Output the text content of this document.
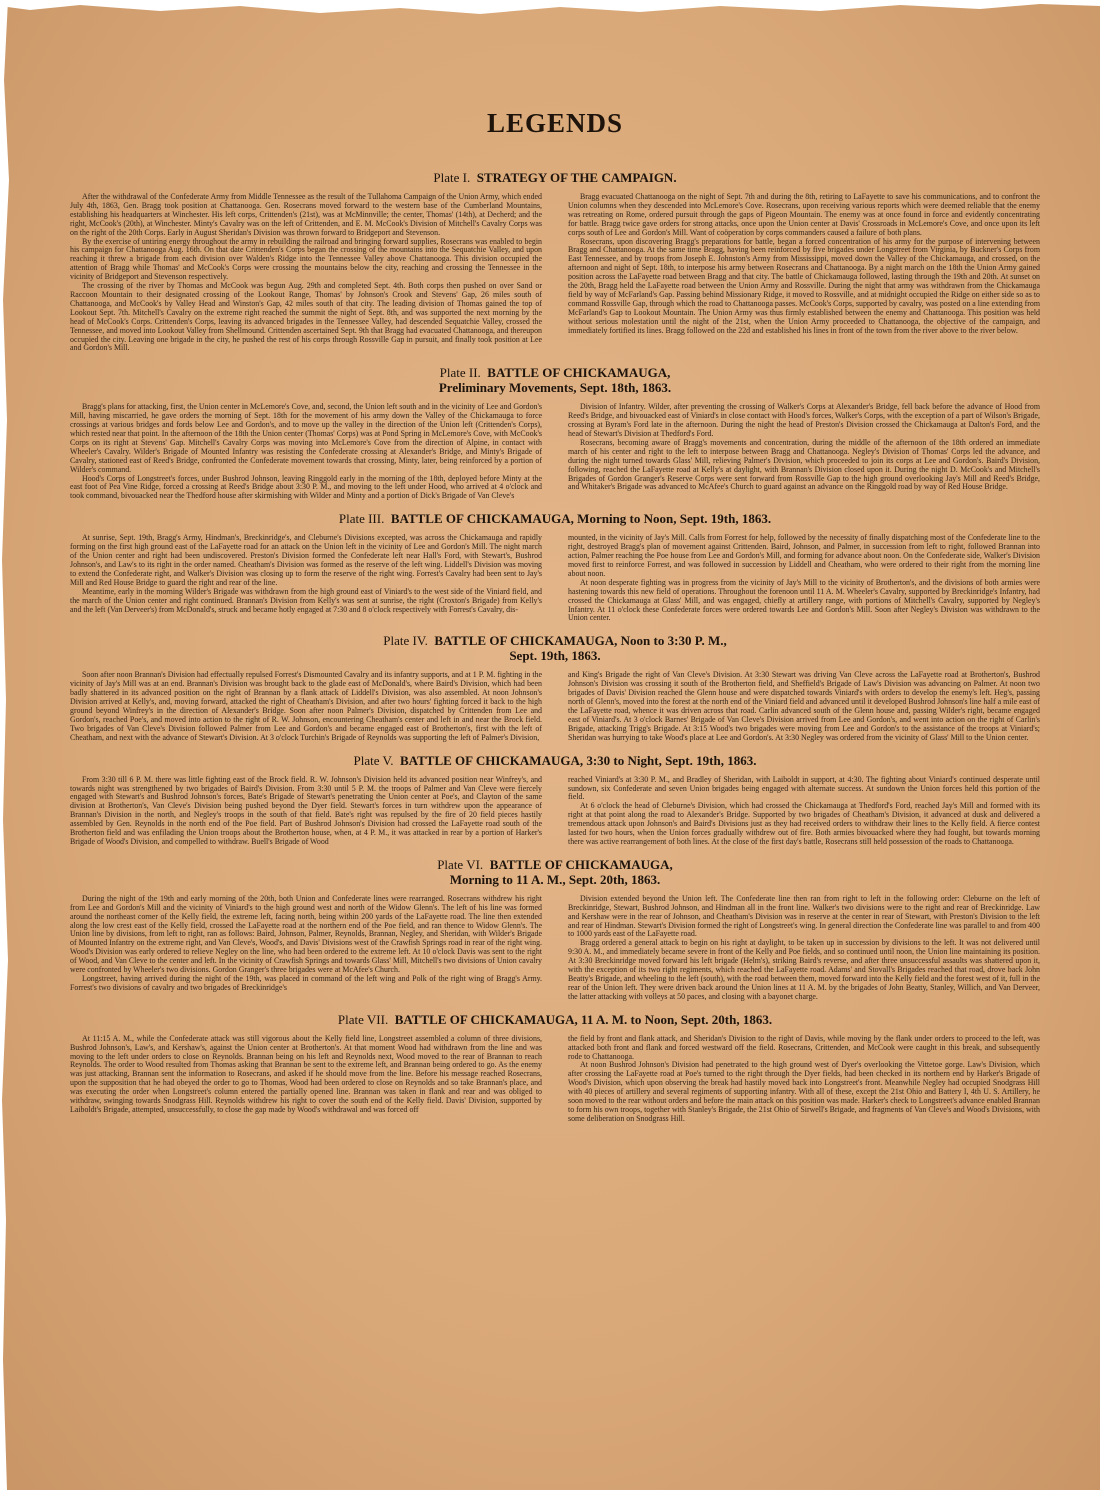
LEGENDS
Plate I.  STRATEGY OF THE CAMPAIGN.

After the withdrawal of the Confederate Army from Middle Tennessee as the result of the Tullahoma Campaign of the Union Army, which ended July 4th, 1863, Gen. Bragg took position at Chattanooga. Gen. Rosecrans moved forward to the western base of the Cumberland Mountains, establishing his headquarters at Winchester. His left corps, Crittenden's (21st), was at McMinnville; the center, Thomas' (14th), at Decherd; and the right, McCook's (20th), at Winchester. Minty's Cavalry was on the left of Crittenden, and E. M. McCook's Division of Mitchell's Cavalry Corps was on the right of the 20th Corps. Early in August Sheridan's Division was thrown forward to Bridgeport and Stevenson.

By the exercise of untiring energy throughout the army in rebuilding the railroad and bringing forward supplies, Rosecrans was enabled to begin his campaign for Chattanooga Aug. 16th. On that date Crittenden's Corps began the crossing of the mountains into the Sequatchie Valley, and upon reaching it threw a brigade from each division over Walden's Ridge into the Tennessee Valley above Chattanooga. This division occupied the attention of Bragg while Thomas' and McCook's Corps were crossing the mountains below the city, reaching and crossing the Tennessee in the vicinity of Bridgeport and Stevenson respectively.

The crossing of the river by Thomas and McCook was begun Aug. 29th and completed Sept. 4th. Both corps then pushed on over Sand or Raccoon Mountain to their designated crossing of the Lookout Range, Thomas' by Johnson's Crook and Stevens' Gap, 26 miles south of Chattanooga, and McCook's by Valley Head and Winston's Gap, 42 miles south of that city. The leading division of Thomas gained the top of Lookout Sept. 7th. Mitchell's Cavalry on the extreme right reached the summit the night of Sept. 8th, and was supported the next morning by the head of McCook's Corps. Crittenden's Corps, leaving its advanced brigades in the Tennessee Valley, had descended Sequatchie Valley, crossed the Tennessee, and moved into Lookout Valley from Shellmound. Crittenden ascertained Sept. 9th that Bragg had evacuated Chattanooga, and thereupon occupied the city. Leaving one brigade in the city, he pushed the rest of his corps through Rossville Gap in pursuit, and finally took position at Lee and Gordon's Mill.

Bragg evacuated Chattanooga on the night of Sept. 7th and during the 8th, retiring to LaFayette to save his communications, and to confront the Union columns when they descended into McLemore's Cove. Rosecrans, upon receiving various reports which were deemed reliable that the enemy was retreating on Rome, ordered pursuit through the gaps of Pigeon Mountain. The enemy was at once found in force and evidently concentrating for battle. Bragg twice gave orders for strong attacks, once upon the Union center at Davis' Crossroads in McLemore's Cove, and once upon its left corps south of Lee and Gordon's Mill. Want of coöperation by corps commanders caused a failure of both plans.

Rosecrans, upon discovering Bragg's preparations for battle, began a forced concentration of his army for the purpose of intervening between Bragg and Chattanooga. At the same time Bragg, having been reinforced by five brigades under Longstreet from Virginia, by Buckner's Corps from East Tennessee, and by troops from Joseph E. Johnston's Army from Mississippi, moved down the Valley of the Chickamauga, and crossed, on the afternoon and night of Sept. 18th, to interpose his army between Rosecrans and Chattanooga. By a night march on the 18th the Union Army gained position across the LaFayette road between Bragg and that city. The battle of Chickamauga followed, lasting through the 19th and 20th. At sunset on the 20th, Bragg held the LaFayette road between the Union Army and Rossville. During the night that army was withdrawn from the Chickamauga field by way of McFarland's Gap. Passing behind Missionary Ridge, it moved to Rossville, and at midnight occupied the Ridge on either side so as to command Rossville Gap, through which the road to Chattanooga passes. McCook's Corps, supported by cavalry, was posted on a line extending from McFarland's Gap to Lookout Mountain. The Union Army was thus firmly established between the enemy and Chattanooga. This position was held without serious molestation until the night of the 21st, when the Union Army proceeded to Chattanooga, the objective of the campaign, and immediately fortified its lines. Bragg followed on the 22d and established his lines in front of the town from the river above to the river below.

Plate II.  BATTLE OF CHICKAMAUGA,
Preliminary Movements, Sept. 18th, 1863.

Bragg's plans for attacking, first, the Union center in McLemore's Cove, and, second, the Union left south and in the vicinity of Lee and Gordon's Mill, having miscarried, he gave orders the morning of Sept. 18th for the movement of his army down the Valley of the Chickamauga to force crossings at various bridges and fords below Lee and Gordon's, and to move up the valley in the direction of the Union left (Crittenden's Corps), which rested near that point. In the afternoon of the 18th the Union center (Thomas' Corps) was at Pond Spring in McLemore's Cove, with McCook's Corps on its right at Stevens' Gap. Mitchell's Cavalry Corps was moving into McLemore's Cove from the direction of Alpine, in contact with Wheeler's Cavalry. Wilder's Brigade of Mounted Infantry was resisting the Confederate crossing at Alexander's Bridge, and Minty's Brigade of Cavalry, stationed east of Reed's Bridge, confronted the Confederate movement towards that crossing, Minty, later, being reinforced by a portion of Wilder's command.

Hood's Corps of Longstreet's forces, under Bushrod Johnson, leaving Ringgold early in the morning of the 18th, deployed before Minty at the east foot of Pea Vine Ridge, forced a crossing at Reed's Bridge about 3:30 P. M., and moving to the left under Hood, who arrived at 4 o'clock and took command, bivouacked near the Thedford house after skirmishing with Wilder and Minty and a portion of Dick's Brigade of Van Cleve's

Division of Infantry. Wilder, after preventing the crossing of Walker's Corps at Alexander's Bridge, fell back before the advance of Hood from Reed's Bridge, and bivouacked east of Viniard's in close contact with Hood's forces, Walker's Corps, with the exception of a part of Wilson's Brigade, crossing at Byram's Ford late in the afternoon. During the night the head of Preston's Division crossed the Chickamauga at Dalton's Ford, and the head of Stewart's Division at Thedford's Ford.

Rosecrans, becoming aware of Bragg's movements and concentration, during the middle of the afternoon of the 18th ordered an immediate march of his center and right to the left to interpose between Bragg and Chattanooga. Negley's Division of Thomas' Corps led the advance, and during the night turned towards Glass' Mill, relieving Palmer's Division, which proceeded to join its corps at Lee and Gordon's. Baird's Division, following, reached the LaFayette road at Kelly's at daylight, with Brannan's Division closed upon it. During the night D. McCook's and Mitchell's Brigades of Gordon Granger's Reserve Corps were sent forward from Rossville Gap to the high ground overlooking Jay's Mill and Reed's Bridge, and Whitaker's Brigade was advanced to McAfee's Church to guard against an advance on the Ringgold road by way of Red House Bridge.

Plate III.  BATTLE OF CHICKAMAUGA, Morning to Noon, Sept. 19th, 1863.

At sunrise, Sept. 19th, Bragg's Army, Hindman's, Breckinridge's, and Cleburne's Divisions excepted, was across the Chickamauga and rapidly forming on the first high ground east of the LaFayette road for an attack on the Union left in the vicinity of Lee and Gordon's Mill. The night march of the Union center and right had been undiscovered. Preston's Division formed the Confederate left near Hall's Ford, with Stewart's, Bushrod Johnson's, and Law's to its right in the order named. Cheatham's Division was formed as the reserve of the left wing. Liddell's Division was moving to extend the Confederate right, and Walker's Division was closing up to form the reserve of the right wing. Forrest's Cavalry had been sent to Jay's Mill and Red House Bridge to guard the right and rear of the line.

Meantime, early in the morning Wilder's Brigade was withdrawn from the high ground east of Viniard's to the west side of the Viniard field, and the march of the Union center and right continued. Brannan's Division from Kelly's was sent at sunrise, the right (Croxton's Brigade) from Kelly's and the left (Van Derveer's) from McDonald's, struck and became hotly engaged at 7:30 and 8 o'clock respectively with Forrest's Cavalry, dis-

mounted, in the vicinity of Jay's Mill. Calls from Forrest for help, followed by the necessity of finally dispatching most of the Confederate line to the right, destroyed Bragg's plan of movement against Crittenden. Baird, Johnson, and Palmer, in succession from left to right, followed Brannan into action, Palmer reaching the Poe house from Lee and Gordon's Mill, and forming for advance about noon. On the Confederate side, Walker's Division moved first to reinforce Forrest, and was followed in succession by Liddell and Cheatham, who were ordered to their right from the morning line about noon.

At noon desperate fighting was in progress from the vicinity of Jay's Mill to the vicinity of Brotherton's, and the divisions of both armies were hastening towards this new field of operations. Throughout the forenoon until 11 A. M. Wheeler's Cavalry, supported by Breckinridge's Infantry, had crossed the Chickamauga at Glass' Mill, and was engaged, chiefly at artillery range, with portions of Mitchell's Cavalry, supported by Negley's Infantry. At 11 o'clock these Confederate forces were ordered towards Lee and Gordon's Mill. Soon after Negley's Division was withdrawn to the Union center.

Plate IV.  BATTLE OF CHICKAMAUGA, Noon to 3:30 P. M.,
Sept. 19th, 1863.

Soon after noon Brannan's Division had effectually repulsed Forrest's Dismounted Cavalry and its infantry supports, and at 1 P. M. fighting in the vicinity of Jay's Mill was at an end. Brannan's Division was brought back to the glade east of McDonald's, where Baird's Division, which had been badly shattered in its advanced position on the right of Brannan by a flank attack of Liddell's Division, was also assembled. At noon Johnson's Division arrived at Kelly's, and, moving forward, attacked the right of Cheatham's Division, and after two hours' fighting forced it back to the high ground beyond Winfrey's in the direction of Alexander's Bridge. Soon after noon Palmer's Division, dispatched by Crittenden from Lee and Gordon's, reached Poe's, and moved into action to the right of R. W. Johnson, encountering Cheatham's center and left in and near the Brock field. Two brigades of Van Cleve's Division followed Palmer from Lee and Gordon's and became engaged east of Brotherton's, first with the left of Cheatham, and next with the advance of Stewart's Division. At 3 o'clock Turchin's Brigade of Reynolds was supporting the left of Palmer's Division,

and King's Brigade the right of Van Cleve's Division. At 3:30 Stewart was driving Van Cleve across the LaFayette road at Brotherton's, Bushrod Johnson's Division was crossing it south of the Brotherton field, and Sheffield's Brigade of Law's Division was advancing on Palmer. At noon two brigades of Davis' Division reached the Glenn house and were dispatched towards Viniard's with orders to develop the enemy's left. Heg's, passing north of Glenn's, moved into the forest at the north end of the Viniard field and advanced until it developed Bushrod Johnson's line half a mile east of the LaFayette road, whence it was driven across that road. Carlin advanced south of the Glenn house and, passing Wilder's right, became engaged east of Viniard's. At 3 o'clock Barnes' Brigade of Van Cleve's Division arrived from Lee and Gordon's, and went into action on the right of Carlin's Brigade, attacking Trigg's Brigade. At 3:15 Wood's two brigades were moving from Lee and Gordon's to the assistance of the troops at Viniard's; Sheridan was hurrying to take Wood's place at Lee and Gordon's. At 3:30 Negley was ordered from the vicinity of Glass' Mill to the Union center.

Plate V.  BATTLE OF CHICKAMAUGA, 3:30 to Night, Sept. 19th, 1863.

From 3:30 till 6 P. M. there was little fighting east of the Brock field. R. W. Johnson's Division held its advanced position near Winfrey's, and towards night was strengthened by two brigades of Baird's Division. From 3:30 until 5 P. M. the troops of Palmer and Van Cleve were fiercely engaged with Stewart's and Bushrod Johnson's forces, Bate's Brigade of Stewart's penetrating the Union center at Poe's, and Clayton of the same division at Brotherton's, Van Cleve's Division being pushed beyond the Dyer field. Stewart's forces in turn withdrew upon the appearance of Brannan's Division in the north, and Negley's troops in the south of that field. Bate's right was repulsed by the fire of 20 field pieces hastily assembled by Gen. Reynolds in the north end of the Poe field. Part of Bushrod Johnson's Division had crossed the LaFayette road south of the Brotherton field and was enfilading the Union troops about the Brotherton house, when, at 4 P. M., it was attacked in rear by a portion of Harker's Brigade of Wood's Division, and compelled to withdraw. Buell's Brigade of Wood

reached Viniard's at 3:30 P. M., and Bradley of Sheridan, with Laiboldt in support, at 4:30. The fighting about Viniard's continued desperate until sundown, six Confederate and seven Union brigades being engaged with alternate success. At sundown the Union forces held this portion of the field.

At 6 o'clock the head of Cleburne's Division, which had crossed the Chickamauga at Thedford's Ford, reached Jay's Mill and formed with its right at that point along the road to Alexander's Bridge. Supported by two brigades of Cheatham's Division, it advanced at dusk and delivered a tremendous attack upon Johnson's and Baird's Divisions just as they had received orders to withdraw their lines to the Kelly field. A fierce contest lasted for two hours, when the Union forces gradually withdrew out of fire. Both armies bivouacked where they had fought, but towards morning there was active rearrangement of both lines. At the close of the first day's battle, Rosecrans still held possession of the roads to Chattanooga.

Plate VI.  BATTLE OF CHICKAMAUGA,
Morning to 11 A. M., Sept. 20th, 1863.

During the night of the 19th and early morning of the 20th, both Union and Confederate lines were rearranged. Rosecrans withdrew his right from Lee and Gordon's Mill and the vicinity of Viniard's to the high ground west and north of the Widow Glenn's. The left of his line was formed around the northeast corner of the Kelly field, the extreme left, facing north, being within 200 yards of the LaFayette road. The line then extended along the low crest east of the Kelly field, crossed the LaFayette road at the northern end of the Poe field, and ran thence to Widow Glenn's. The Union line by divisions, from left to right, ran as follows: Baird, Johnson, Palmer, Reynolds, Brannan, Negley, and Sheridan, with Wilder's Brigade of Mounted Infantry on the extreme right, and Van Cleve's, Wood's, and Davis' Divisions west of the Crawfish Springs road in rear of the right wing. Wood's Division was early ordered to relieve Negley on the line, who had been ordered to the extreme left. At 10 o'clock Davis was sent to the right of Wood, and Van Cleve to the center and left. In the vicinity of Crawfish Springs and towards Glass' Mill, Mitchell's two divisions of Union cavalry were confronted by Wheeler's two divisions. Gordon Granger's three brigades were at McAfee's Church.

Longstreet, having arrived during the night of the 19th, was placed in command of the left wing and Polk of the right wing of Bragg's Army. Forrest's two divisions of cavalry and two brigades of Breckinridge's

Division extended beyond the Union left. The Confederate line then ran from right to left in the following order: Cleburne on the left of Breckinridge, Stewart, Bushrod Johnson, and Hindman all in the front line. Walker's two divisions were to the right and rear of Breckinridge. Law and Kershaw were in the rear of Johnson, and Cheatham's Division was in reserve at the center in rear of Stewart, with Preston's Division to the left and rear of Hindman. Stewart's Division formed the right of Longstreet's wing. In general direction the Confederate line was parallel to and from 400 to 1000 yards east of the LaFayette road.

Bragg ordered a general attack to begin on his right at daylight, to be taken up in succession by divisions to the left. It was not delivered until 9:30 A. M., and immediately became severe in front of the Kelly and Poe fields, and so continued until noon, the Union line maintaining its position. At 3:30 Breckinridge moved forward his left brigade (Helm's), striking Baird's reverse, and after three unsuccessful assaults was shattered upon it, with the exception of its two right regiments, which reached the LaFayette road. Adams' and Stovall's Brigades reached that road, drove back John Beatty's Brigade, and wheeling to the left (south), with the road between them, moved forward into the Kelly field and the forest west of it, full in the rear of the Union left. They were driven back around the Union lines at 11 A. M. by the brigades of John Beatty, Stanley, Willich, and Van Derveer, the latter attacking with volleys at 50 paces, and closing with a bayonet charge.

Plate VII.  BATTLE OF CHICKAMAUGA, 11 A. M. to Noon, Sept. 20th, 1863.

At 11:15 A. M., while the Confederate attack was still vigorous about the Kelly field line, Longstreet assembled a column of three divisions, Bushrod Johnson's, Law's, and Kershaw's, against the Union center at Brotherton's. At that moment Wood had withdrawn from the line and was moving to the left under orders to close on Reynolds. Brannan being on his left and Reynolds next, Wood moved to the rear of Brannan to reach Reynolds. The order to Wood resulted from Thomas asking that Brannan be sent to the extreme left, and Brannan being ordered to go. As the enemy was just attacking, Brannan sent the information to Rosecrans, and asked if he should move from the line. Before his message reached Rosecrans, upon the supposition that he had obeyed the order to go to Thomas, Wood had been ordered to close on Reynolds and so take Brannan's place, and was executing the order when Longstreet's column entered the partially opened line. Brannan was taken in flank and rear and was obliged to withdraw, swinging towards Snodgrass Hill. Reynolds withdrew his right to cover the south end of the Kelly field. Davis' Division, supported by Laiboldt's Brigade, attempted, unsuccessfully, to close the gap made by Wood's withdrawal and was forced off

the field by front and flank attack, and Sheridan's Division to the right of Davis, while moving by the flank under orders to proceed to the left, was attacked both front and flank and forced westward off the field. Rosecrans, Crittenden, and McCook were caught in this break, and subsequently rode to Chattanooga.

At noon Bushrod Johnson's Division had penetrated to the high ground west of Dyer's overlooking the Vittetoe gorge. Law's Division, which after crossing the LaFayette road at Poe's turned to the right through the Dyer fields, had been checked in its northern end by Harker's Brigade of Wood's Division, which upon observing the break had hastily moved back into Longstreet's front. Meanwhile Negley had occupied Snodgrass Hill with 40 pieces of artillery and several regiments of supporting infantry. With all of these, except the 21st Ohio and Battery I, 4th U. S. Artillery, he soon moved to the rear without orders and before the main attack on this position was made. Harker's check to Longstreet's advance enabled Brannan to form his own troops, together with Stanley's Brigade, the 21st Ohio of Sirwell's Brigade, and fragments of Van Cleve's and Wood's Divisions, with some deliberation on Snodgrass Hill.
